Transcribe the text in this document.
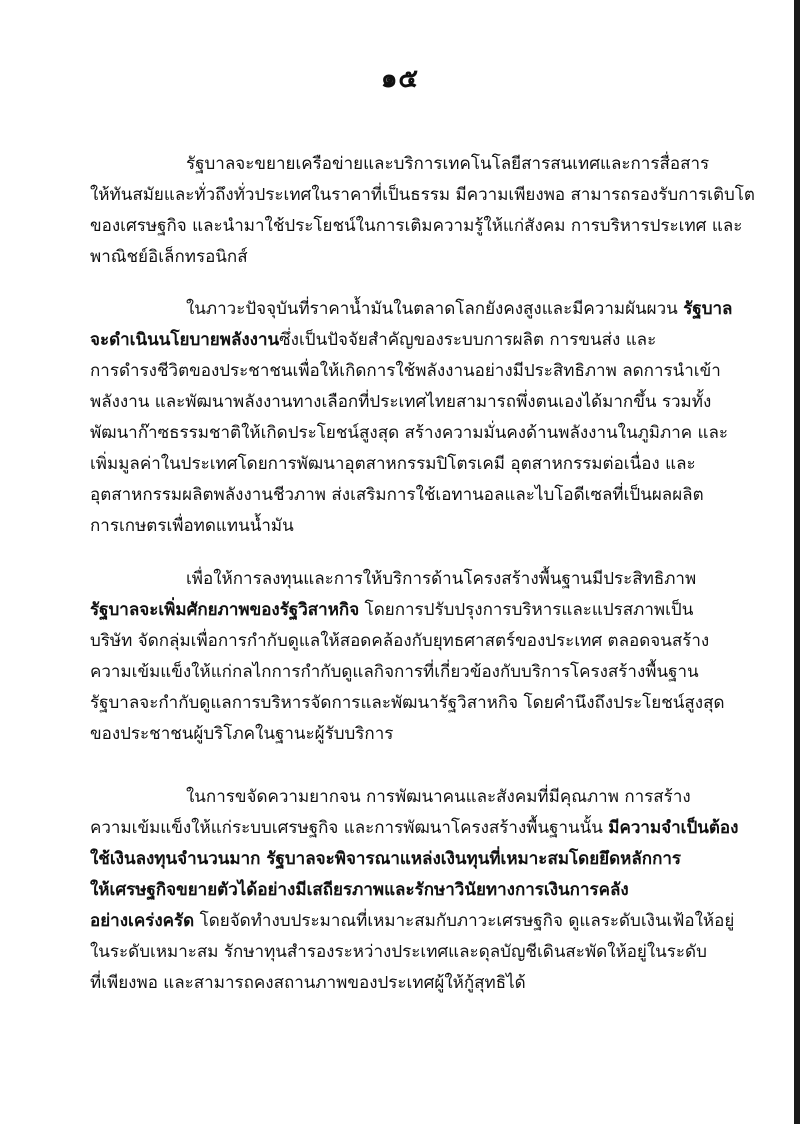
๑๕
รัฐบาลจะขยายเครือข่ายและบริการเทคโนโลยีสารสนเทศและการสื่อสาร
ให้ทันสมัยและทั่วถึงทั่วประเทศในราคาที่เป็นธรรม มีความเพียงพอ สามารถรองรับการเติบโต
ของเศรษฐกิจ และนำมาใช้ประโยชน์ในการเติมความรู้ให้แก่สังคม การบริหารประเทศ และ
พาณิชย์อิเล็กทรอนิกส์
ในภาวะปัจจุบันที่ราคาน้ำมันในตลาดโลกยังคงสูงและมีความผันผวน รัฐบาล
จะดำเนินนโยบายพลังงานซึ่งเป็นปัจจัยสำคัญของระบบการผลิต การขนส่ง และ
การดำรงชีวิตของประชาชนเพื่อให้เกิดการใช้พลังงานอย่างมีประสิทธิภาพ ลดการนำเข้า
พลังงาน และพัฒนาพลังงานทางเลือกที่ประเทศไทยสามารถพึ่งตนเองได้มากขึ้น รวมทั้ง
พัฒนาก๊าซธรรมชาติให้เกิดประโยชน์สูงสุด สร้างความมั่นคงด้านพลังงานในภูมิภาค และ
เพิ่มมูลค่าในประเทศโดยการพัฒนาอุตสาหกรรมปิโตรเคมี อุตสาหกรรมต่อเนื่อง และ
อุตสาหกรรมผลิตพลังงานชีวภาพ ส่งเสริมการใช้เอทานอลและไบโอดีเซลที่เป็นผลผลิต
การเกษตรเพื่อทดแทนน้ำมัน
เพื่อให้การลงทุนและการให้บริการด้านโครงสร้างพื้นฐานมีประสิทธิภาพ
รัฐบาลจะเพิ่มศักยภาพของรัฐวิสาหกิจ โดยการปรับปรุงการบริหารและแปรสภาพเป็น
บริษัท จัดกลุ่มเพื่อการกำกับดูแลให้สอดคล้องกับยุทธศาสตร์ของประเทศ ตลอดจนสร้าง
ความเข้มแข็งให้แก่กลไกการกำกับดูแลกิจการที่เกี่ยวข้องกับบริการโครงสร้างพื้นฐาน
รัฐบาลจะกำกับดูแลการบริหารจัดการและพัฒนารัฐวิสาหกิจ โดยคำนึงถึงประโยชน์สูงสุด
ของประชาชนผู้บริโภคในฐานะผู้รับบริการ
ในการขจัดความยากจน การพัฒนาคนและสังคมที่มีคุณภาพ การสร้าง
ความเข้มแข็งให้แก่ระบบเศรษฐกิจ และการพัฒนาโครงสร้างพื้นฐานนั้น มีความจำเป็นต้อง
ใช้เงินลงทุนจำนวนมาก รัฐบาลจะพิจารณาแหล่งเงินทุนที่เหมาะสมโดยยึดหลักการ
ให้เศรษฐกิจขยายตัวได้อย่างมีเสถียรภาพและรักษาวินัยทางการเงินการคลัง
อย่างเคร่งครัด โดยจัดทำงบประมาณที่เหมาะสมกับภาวะเศรษฐกิจ ดูแลระดับเงินเฟ้อให้อยู่
ในระดับเหมาะสม รักษาทุนสำรองระหว่างประเทศและดุลบัญชีเดินสะพัดให้อยู่ในระดับ
ที่เพียงพอ และสามารถคงสถานภาพของประเทศผู้ให้กู้สุทธิได้
